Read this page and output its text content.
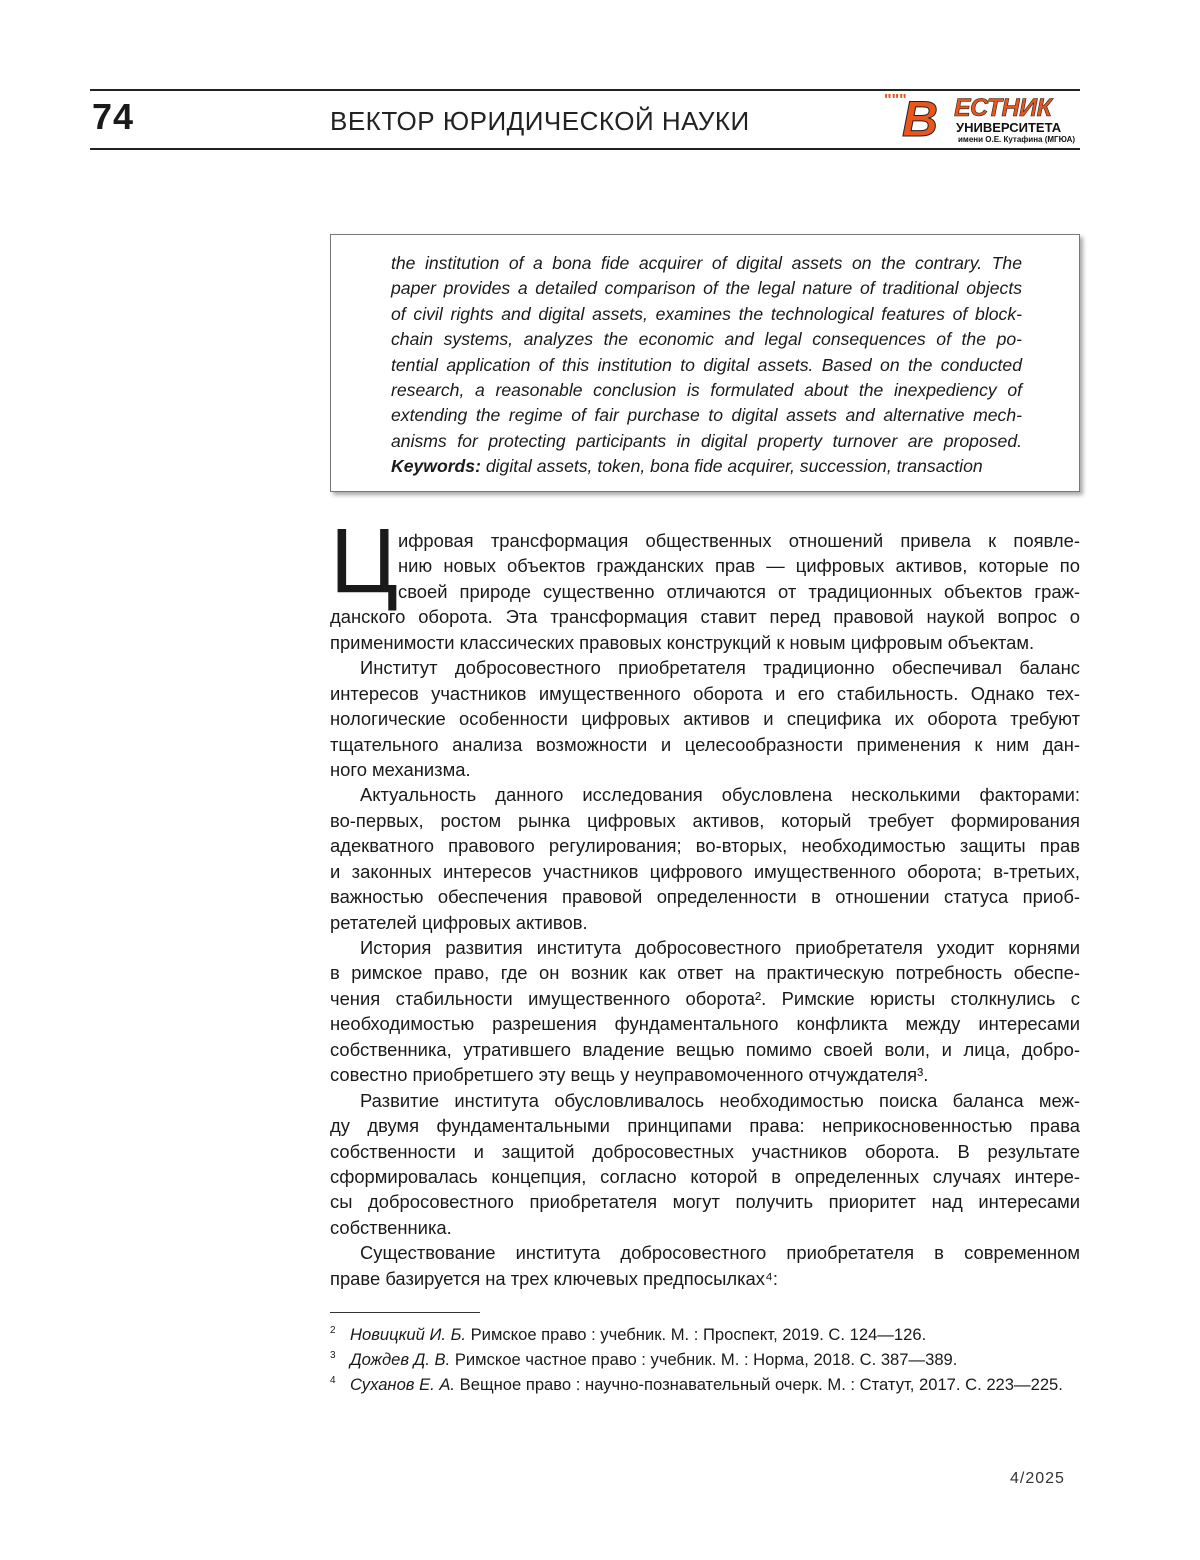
74	ВЕКТОР ЮРИДИЧЕСКОЙ НАУКИ
"""
В ЕСТНИК
УНИВЕРСИТЕТА
имени О.Е. Кутафина (МГЮА)
the institution of a bona fide acquirer of digital assets on the contrary. The
paper provides a detailed comparison of the legal nature of traditional objects
of civil rights and digital assets, examines the technological features of block-
chain systems, analyzes the economic and legal consequences of the po-
tential application of this institution to digital assets. Based on the conducted
research, a reasonable conclusion is formulated about the inexpediency of
extending the regime of fair purchase to digital assets and alternative mech-
anisms for protecting participants in digital property turnover are proposed.
Keywords: digital assets, token, bona fide acquirer, succession, transaction
Ц ифровая трансформация общественных отношений привела к появле-
нию новых объектов гражданских прав — цифровых активов, которые по
своей природе существенно отличаются от традиционных объектов граж-
данского оборота. Эта трансформация ставит перед правовой наукой вопрос о
применимости классических правовых конструкций к новым цифровым объектам.
Институт добросовестного приобретателя традиционно обеспечивал баланс
интересов участников имущественного оборота и его стабильность. Однако тех-
нологические особенности цифровых активов и специфика их оборота требуют
тщательного анализа возможности и целесообразности применения к ним дан-
ного механизма.
Актуальность данного исследования обусловлена несколькими факторами:
во-первых, ростом рынка цифровых активов, который требует формирования
адекватного правового регулирования; во-вторых, необходимостью защиты прав
и законных интересов участников цифрового имущественного оборота; в-третьих,
важностью обеспечения правовой определенности в отношении статуса приоб-
ретателей цифровых активов.
История развития института добросовестного приобретателя уходит корнями
в римское право, где он возник как ответ на практическую потребность обеспе-
чения стабильности имущественного оборота². Римские юристы столкнулись с
необходимостью разрешения фундаментального конфликта между интересами
собственника, утратившего владение вещью помимо своей воли, и лица, добро-
совестно приобретшего эту вещь у неуправомоченного отчуждателя³.
Развитие института обусловливалось необходимостью поиска баланса меж-
ду двумя фундаментальными принципами права: неприкосновенностью права
собственности и защитой добросовестных участников оборота. В результате
сформировалась концепция, согласно которой в определенных случаях интере-
сы добросовестного приобретателя могут получить приоритет над интересами
собственника.
Существование института добросовестного приобретателя в современном
праве базируется на трех ключевых предпосылках⁴:
2 Новицкий И. Б. Римское право : учебник. М. : Проспект, 2019. С. 124—126.
3 Дождев Д. В. Римское частное право : учебник. М. : Норма, 2018. С. 387—389.
4 Суханов Е. А. Вещное право : научно-познавательный очерк. М. : Статут, 2017. С. 223—225.
4/2025
